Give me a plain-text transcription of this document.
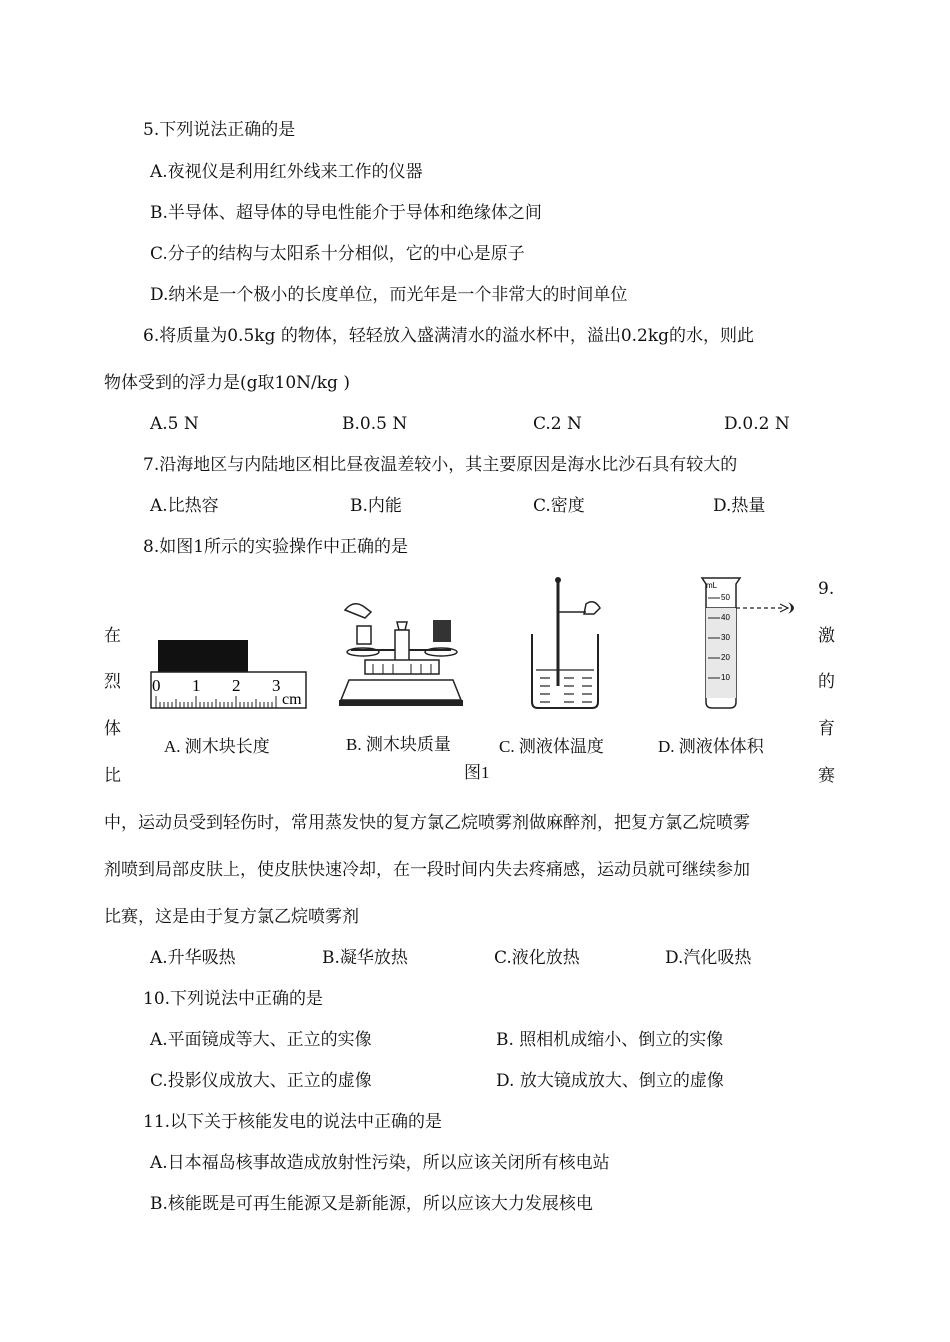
5.下列说法正确的是
A.夜视仪是利用红外线来工作的仪器
B.半导体、超导体的导电性能介于导体和绝缘体之间
C.分子的结构与太阳系十分相似，它的中心是原子
D.纳米是一个极小的长度单位，而光年是一个非常大的时间单位
6.将质量为0.5kg 的物体，轻轻放入盛满清水的溢水杯中，溢出0.2kg的水，则此
物体受到的浮力是(g取10N/kg )
A.5 N	B.0.5 N	C.2 N	D.0.2 N
7.沿海地区与内陆地区相比昼夜温差较小，其主要原因是海水比沙石具有较大的
A.比热容	B.内能	C.密度	D.热量
8.如图1所示的实验操作中正确的是
在
烈
体
比
9.
激
的
育
赛
0 1 2 3
cm
mL
50
40
30
20
10
A. 测木块长度	B. 测木块质量	C. 测液体温度	D. 测液体体积
图1
中，运动员受到轻伤时，常用蒸发快的复方氯乙烷喷雾剂做麻醉剂，把复方氯乙烷喷雾
剂喷到局部皮肤上，使皮肤快速冷却，在一段时间内失去疼痛感，运动员就可继续参加
比赛，这是由于复方氯乙烷喷雾剂
A.升华吸热	B.凝华放热	C.液化放热	D.汽化吸热
10.下列说法中正确的是
A.平面镜成等大、正立的实像	B. 照相机成缩小、倒立的实像
C.投影仪成放大、正立的虚像	D. 放大镜成放大、倒立的虚像
11.以下关于核能发电的说法中正确的是
A.日本福岛核事故造成放射性污染，所以应该关闭所有核电站
B.核能既是可再生能源又是新能源，所以应该大力发展核电
